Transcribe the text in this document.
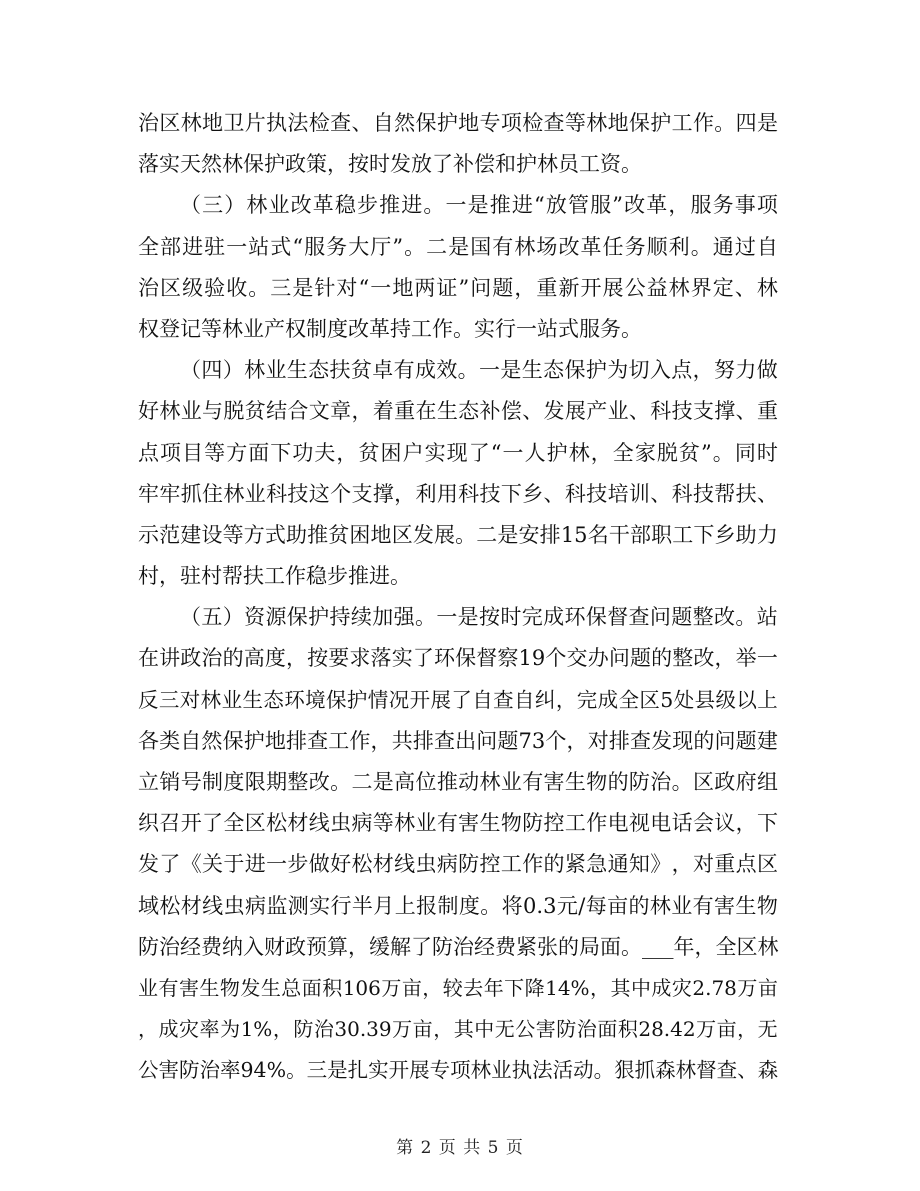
治 区 林 地 卫 片 执 法 检 查 、 自 然 保 护 地 专 项 检 查 等 林 地 保 护 工 作 。 四 是
落实天然林保护政策，按时发放了补偿和护林员工资。
（ 三 ） 林 业 改 革 稳 步 推 进 。 一 是 推 进 “ 放 管 服 ” 改 革 ， 服 务 事 项
全 部 进 驻 一 站 式 “ 服 务 大 厅 ” 。 二 是 国 有 林 场 改 革 任 务 顺 利 。 通 过 自
治 区 级 验 收 。 三 是 针 对 “ 一 地 两 证 ” 问 题 ， 重 新 开 展 公 益 林 界 定 、 林
权登记等林业产权制度改革持工作。实行一站式服务。
（ 四 ） 林 业 生 态 扶 贫 卓 有 成 效 。 一 是 生 态 保 护 为 切 入 点 ， 努 力 做
好 林 业 与 脱 贫 结 合 文 章 ， 着 重 在 生 态 补 偿 、 发 展 产 业 、 科 技 支 撑 、 重
点 项 目 等 方 面 下 功 夫 ， 贫 困 户 实 现 了 “ 一 人 护 林 ， 全 家 脱 贫 ” 。 同 时
牢 牢 抓 住 林 业 科 技 这 个 支 撑 ， 利 用 科 技 下 乡 、 科 技 培 训 、 科 技 帮 扶 、
示 范 建 设 等 方 式 助 推 贫 困 地 区 发 展 。 二 是 安 排 15 名 干 部 职 工 下 乡 助 力
村，驻村帮扶工作稳步推进。
（ 五 ） 资 源 保 护 持 续 加 强 。 一 是 按 时 完 成 环 保 督 查 问 题 整 改 。 站
在 讲 政 治 的 高 度 ， 按 要 求 落 实 了 环 保 督 察 19 个 交 办 问 题 的 整 改 ， 举 一
反 三 对 林 业 生 态 环 境 保 护 情 况 开 展 了 自 查 自 纠 ， 完 成 全 区 5 处 县 级 以 上
各 类 自 然 保 护 地 排 查 工 作 ， 共 排 查 出 问 题 73 个 ， 对 排 查 发 现 的 问 题 建
立 销 号 制 度 限 期 整 改 。 二 是 高 位 推 动 林 业 有 害 生 物 的 防 治 。 区 政 府 组
织 召 开 了 全 区 松 材 线 虫 病 等 林 业 有 害 生 物 防 控 工 作 电 视 电 话 会 议 ， 下
发 了 《 关 于 进 一 步 做 好 松 材 线 虫 病 防 控 工 作 的 紧 急 通 知 》 ， 对 重 点 区
域 松 材 线 虫 病 监 测 实 行 半 月 上 报 制 度 。 将 0.3 元 / 每 亩 的 林 业 有 害 生 物
防 治 经 费 纳 入 财 政 预 算 ， 缓 解 了 防 治 经 费 紧 张 的 局 面 。 ___ 年 ， 全 区 林
业 有 害 生 物 发 生 总 面 积 106 万 亩 ， 较 去 年 下 降 14% ， 其 中 成 灾 2.78 万 亩
， 成 灾 率 为 1% ， 防 治 30.39 万 亩 ， 其 中 无 公 害 防 治 面 积 28.42 万 亩 ， 无
公 害 防 治 率 94% 。 三 是 扎 实 开 展 专 项 林 业 执 法 活 动 。 狠 抓 森 林 督 查 、 森
第 2 页 共 5 页
